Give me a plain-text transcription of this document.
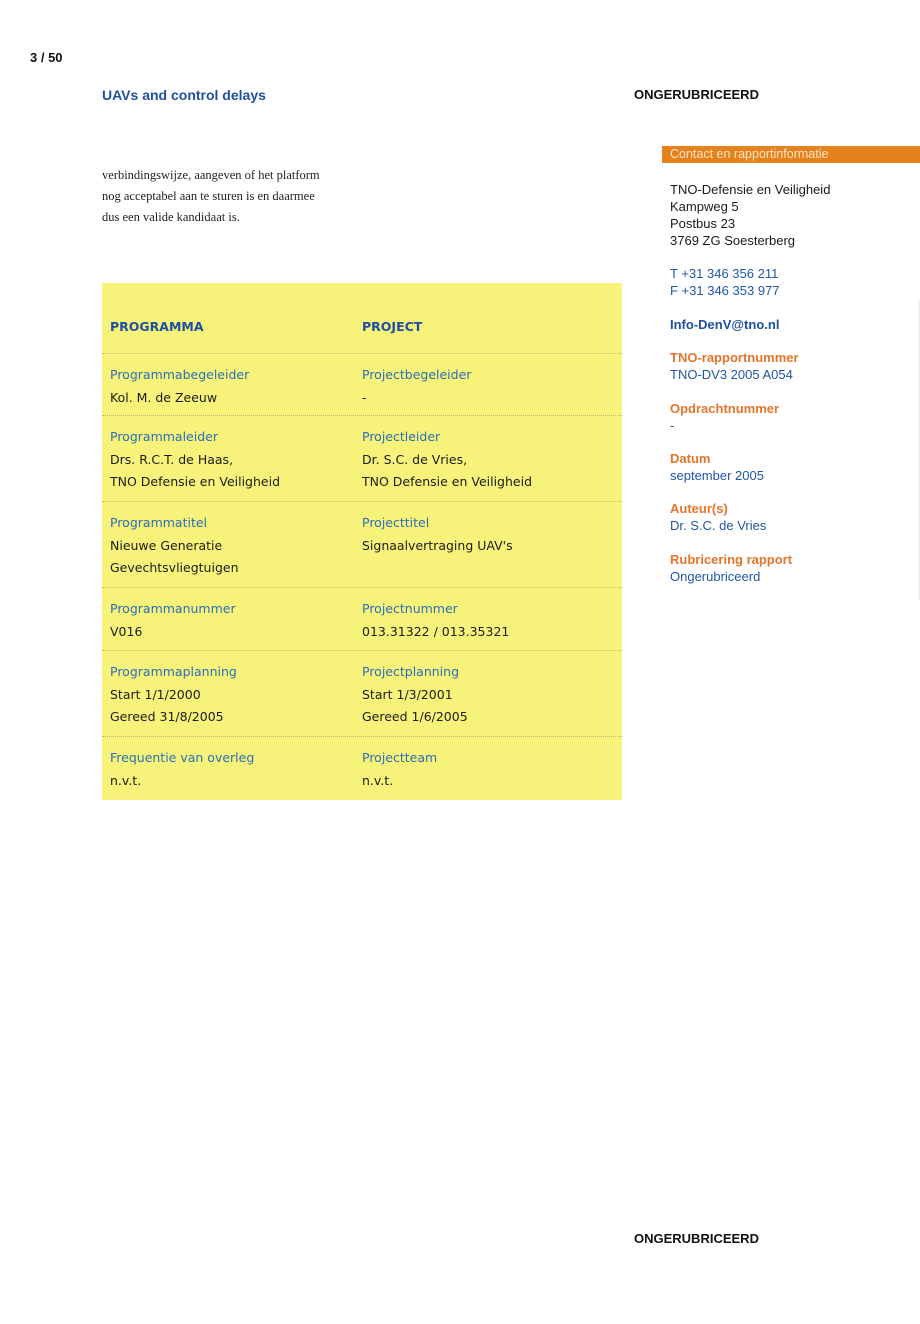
3 / 50
UAVs and control delays	ONGERUBRICEERD
verbindingswijze, aangeven of het platform
nog acceptabel aan te sturen is en daarmee
dus een valide kandidaat is.
PROGRAMMA	PROJECT
Programmabegeleider
Kol. M. de Zeeuw
Projectbegeleider
-
Programmaleider
Drs. R.C.T. de Haas,
TNO Defensie en Veiligheid
Projectleider
Dr. S.C. de Vries,
TNO Defensie en Veiligheid
Programmatitel
Nieuwe Generatie
Gevechtsvliegtuigen
Projecttitel
Signaalvertraging UAV's
Programmanummer
V016
Projectnummer
013.31322 / 013.35321
Programmaplanning
Start 1/1/2000
Gereed 31/8/2005
Projectplanning
Start 1/3/2001
Gereed 1/6/2005
Frequentie van overleg
n.v.t.
Projectteam
n.v.t.
Contact en rapportinformatie
TNO-Defensie en Veiligheid
Kampweg 5
Postbus 23
3769 ZG Soesterberg
T +31 346 356 211
F +31 346 353 977
Info-DenV@tno.nl
TNO-rapportnummer
TNO-DV3 2005 A054
Opdrachtnummer
-
Datum
september 2005
Auteur(s)
Dr. S.C. de Vries
Rubricering rapport
Ongerubriceerd
ONGERUBRICEERD
